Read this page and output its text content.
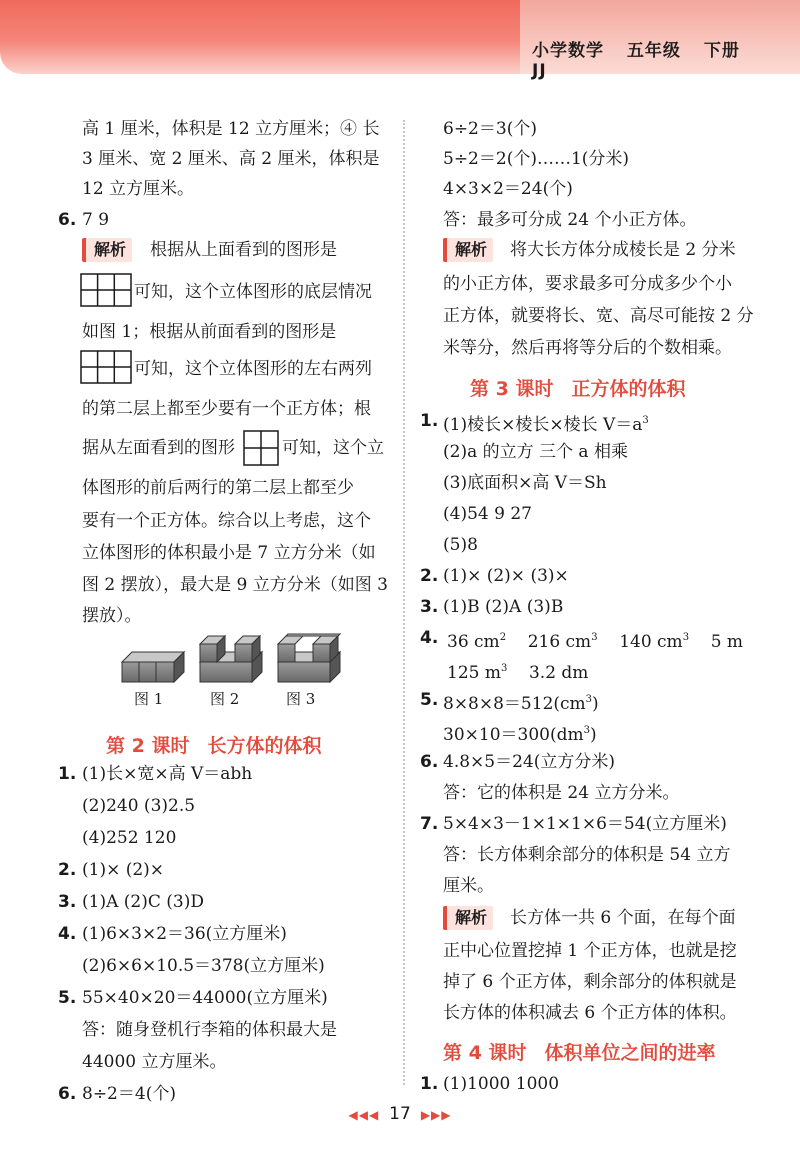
小学数学 五年级 下册 JJ
高 1 厘米，体积是 12 立方厘米；④ 长
3 厘米、宽 2 厘米、高 2 厘米，体积是
12 立方厘米。
6. 7 9
解析	根据从上面看到的图形是
可知，这个立体图形的底层情况
如图 1；根据从前面看到的图形是
可知，这个立体图形的左右两列
的第二层上都至少要有一个正方体；根
据从左面看到的图形	可知，这个立
体图形的前后两行的第二层上都至少
要有一个正方体。综合以上考虑，这个
立体图形的体积最小是 7 立方分米（如
图 2 摆放），最大是 9 立方分米（如图 3
摆放）。
图 1	图 2	图 3
第 2 课时 长方体的体积
1. (1)长×宽×高 V＝abh
(2)240 (3)2.5
(4)252 120
2. (1)× (2)×
3. (1)A (2)C (3)D
4. (1)6×3×2＝36(立方厘米)
(2)6×6×10.5＝378(立方厘米)
5. 55×40×20＝44000(立方厘米)
答：随身登机行李箱的体积最大是
44000 立方厘米。
6. 8÷2＝4(个)
6÷2＝3(个)
5÷2＝2(个)……1(分米)
4×3×2＝24(个)
答：最多可分成 24 个小正方体。
解析	将大长方体分成棱长是 2 分米
的小正方体，要求最多可分成多少个小
正方体，就要将长、宽、高尽可能按 2 分
米等分，然后再将等分后的个数相乘。
第 3 课时 正方体的体积
1. (1)棱长×棱长×棱长 $V=a^3$
(2)a 的立方 三个 a 相乘
(3)底面积×高 V＝Sh
(4)54 9 27
(5)8
2. (1)× (2)× (3)×
3. (1)B (2)A (3)B
4. 36 $cm^2$ 216 $cm^3$ 140 $cm^3$ 5 m
125 $m^3$ 3.2 dm
5. $8\times 8\times 8=512(cm^3)$
$30\times 10=300(dm^3)$
6. 4.8×5＝24(立方分米)
答：它的体积是 24 立方分米。
7. 5×4×3－1×1×1×6＝54(立方厘米)
答：长方体剩余部分的体积是 54 立方
厘米。
解析	长方体一共 6 个面，在每个面
正中心位置挖掉 1 个正方体，也就是挖
掉了 6 个正方体，剩余部分的体积就是
长方体的体积减去 6 个正方体的体积。
第 4 课时 体积单位之间的进率
1. (1)1000 1000
◀◀◀ 17 ▶▶▶
